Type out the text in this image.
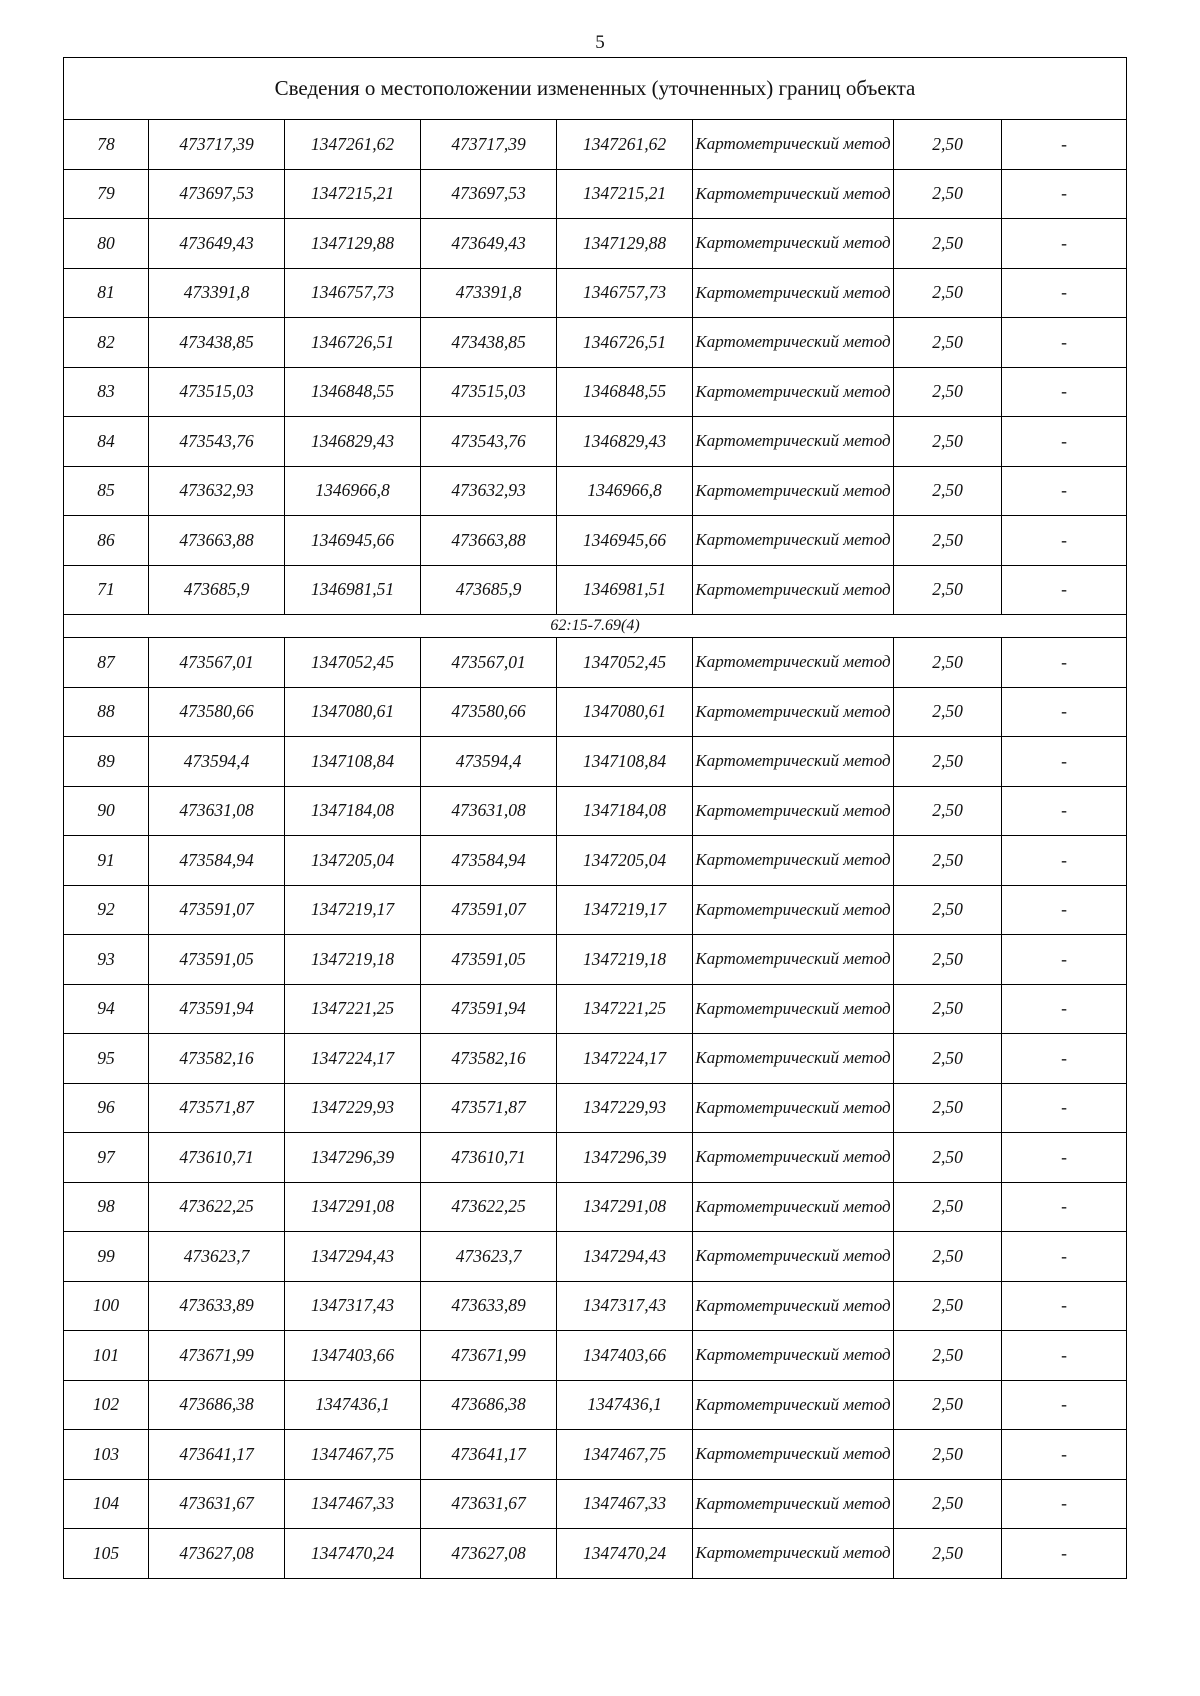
5
Сведения о местоположении измененных (уточненных) границ объекта							
78	473717,39	1347261,62	473717,39	1347261,62	Картометрический метод	2,50	-
79	473697,53	1347215,21	473697,53	1347215,21	Картометрический метод	2,50	-
80	473649,43	1347129,88	473649,43	1347129,88	Картометрический метод	2,50	-
81	473391,8	1346757,73	473391,8	1346757,73	Картометрический метод	2,50	-
82	473438,85	1346726,51	473438,85	1346726,51	Картометрический метод	2,50	-
83	473515,03	1346848,55	473515,03	1346848,55	Картометрический метод	2,50	-
84	473543,76	1346829,43	473543,76	1346829,43	Картометрический метод	2,50	-
85	473632,93	1346966,8	473632,93	1346966,8	Картометрический метод	2,50	-
86	473663,88	1346945,66	473663,88	1346945,66	Картометрический метод	2,50	-
71	473685,9	1346981,51	473685,9	1346981,51	Картометрический метод	2,50	-
62:15-7.69(4)							
87	473567,01	1347052,45	473567,01	1347052,45	Картометрический метод	2,50	-
88	473580,66	1347080,61	473580,66	1347080,61	Картометрический метод	2,50	-
89	473594,4	1347108,84	473594,4	1347108,84	Картометрический метод	2,50	-
90	473631,08	1347184,08	473631,08	1347184,08	Картометрический метод	2,50	-
91	473584,94	1347205,04	473584,94	1347205,04	Картометрический метод	2,50	-
92	473591,07	1347219,17	473591,07	1347219,17	Картометрический метод	2,50	-
93	473591,05	1347219,18	473591,05	1347219,18	Картометрический метод	2,50	-
94	473591,94	1347221,25	473591,94	1347221,25	Картометрический метод	2,50	-
95	473582,16	1347224,17	473582,16	1347224,17	Картометрический метод	2,50	-
96	473571,87	1347229,93	473571,87	1347229,93	Картометрический метод	2,50	-
97	473610,71	1347296,39	473610,71	1347296,39	Картометрический метод	2,50	-
98	473622,25	1347291,08	473622,25	1347291,08	Картометрический метод	2,50	-
99	473623,7	1347294,43	473623,7	1347294,43	Картометрический метод	2,50	-
100	473633,89	1347317,43	473633,89	1347317,43	Картометрический метод	2,50	-
101	473671,99	1347403,66	473671,99	1347403,66	Картометрический метод	2,50	-
102	473686,38	1347436,1	473686,38	1347436,1	Картометрический метод	2,50	-
103	473641,17	1347467,75	473641,17	1347467,75	Картометрический метод	2,50	-
104	473631,67	1347467,33	473631,67	1347467,33	Картометрический метод	2,50	-
105	473627,08	1347470,24	473627,08	1347470,24	Картометрический метод	2,50	-
